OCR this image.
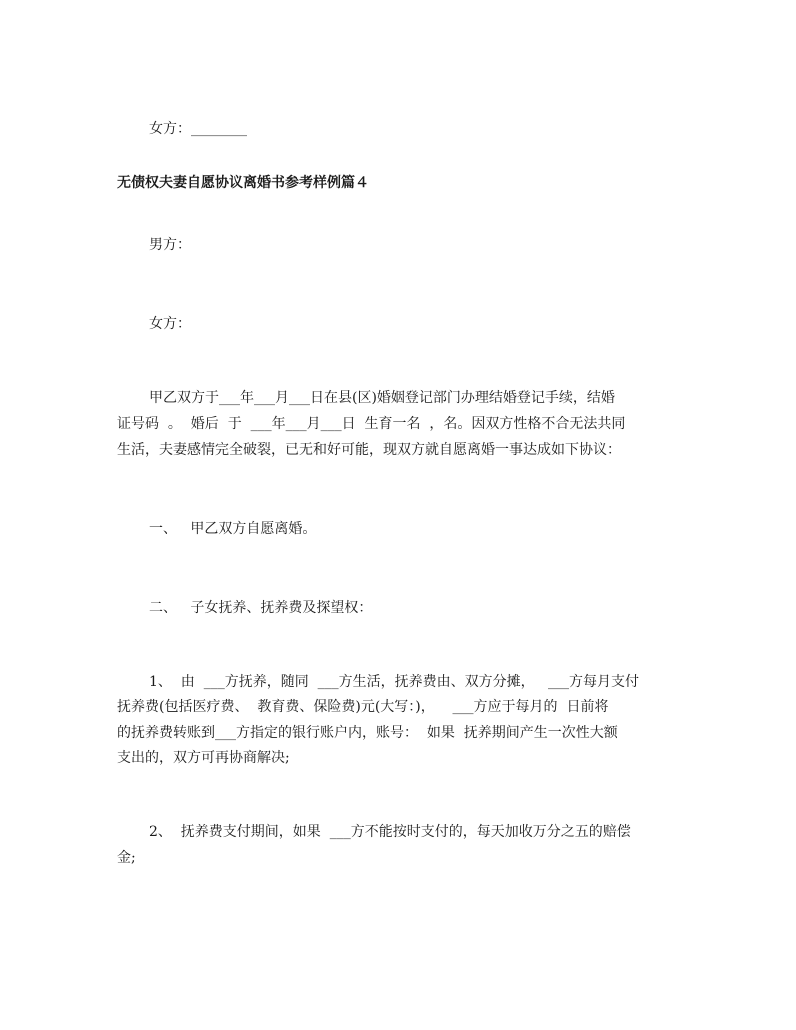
女方：________
无债权夫妻自愿协议离婚书参考样例篇４
男方：
女方：
甲乙双方于___年___月___日在县(区)婚姻登记部门办理结婚登记手续，结婚
证号码  。  婚后  于  ___年___月___日  生育一名  ，名。因双方性格不合无法共同
生活，夫妻感情完全破裂，已无和好可能，现双方就自愿离婚一事达成如下协议：
一、   甲乙双方自愿离婚。
二、   子女抚养、抚养费及探望权：
1、  由  ___方抚养，随同  ___方生活，抚养费由、双方分摊，   ___方每月支付
抚养费(包括医疗费、  教育费、保险费)元(大写：)，    ___方应于每月的  日前将
的抚养费转账到___方指定的银行账户内，账号：  如果  抚养期间产生一次性大额
支出的，双方可再协商解决;
2、  抚养费支付期间，如果  ___方不能按时支付的，每天加收万分之五的赔偿
金;
